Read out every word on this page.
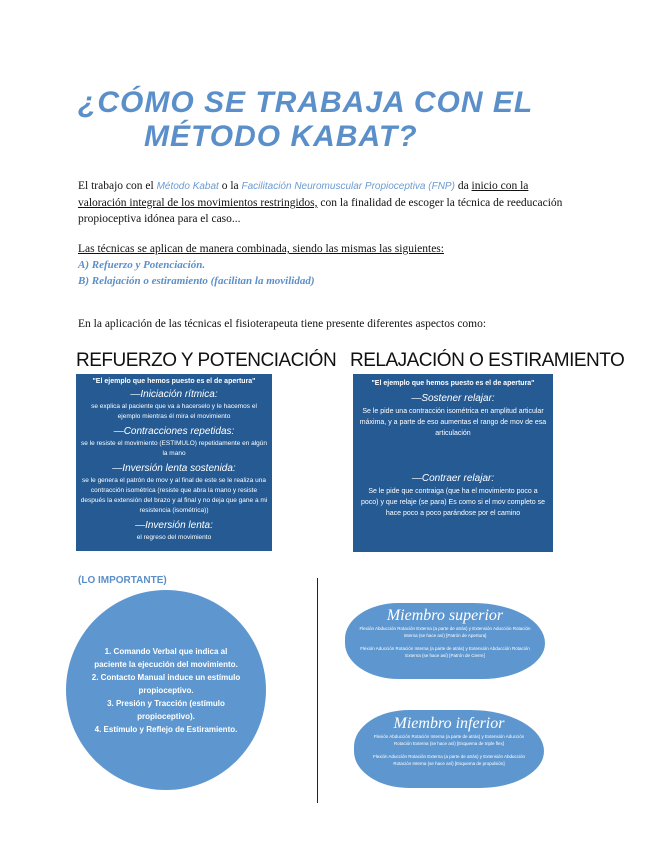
¿CÓMO SE TRABAJA CON EL
MÉTODO KABAT?
El trabajo con el Método Kabat o la Facilitación Neuromuscular Propioceptiva (FNP) da inicio con la valoración integral de los movimientos restringidos, con la finalidad de escoger la técnica de reeducación propioceptiva idónea para el caso...
Las técnicas se aplican de manera combinada, siendo las mismas las siguientes:
A) Refuerzo y Potenciación.
B) Relajación o estiramiento (facilitan la movilidad)
En la aplicación de las técnicas el fisioterapeuta tiene presente diferentes aspectos como:
REFUERZO Y POTENCIACIÓN
"El ejemplo que hemos puesto es el de apertura"
— Iniciación rítmica:
se explica al paciente que va a hacerselo y le hacemos el ejemplo mientras él mira el movimiento
— Contracciones repetidas:
se le resiste el movimiento (ESTIMULO) repetidamente en algún la mano
— Inversión lenta sostenida:
se le genera el patrón de mov y al final de este se le realiza una contracción isométrica (resiste que abra la mano y resiste después la extensión del brazo y al final y no deja que gane a mi resistencia (isométrica))
— Inversión lenta:
el regreso del movimiento
RELAJACIÓN O ESTIRAMIENTO
"El ejemplo que hemos puesto es el de apertura"
— Sostener relajar:
Se le pide una contracción isométrica en amplitud articular máxima, y a parte de eso aumentas el rango de mov de esa articulación
— Contraer relajar:
Se le pide que contraiga (que ha el movimiento poco a poco) y que relaje (se para) Es como si el mov completo se hace poco a poco parándose por el camino
(LO IMPORTANTE)
1. Comando Verbal que indica al paciente la ejecución del movimiento.
2. Contacto Manual induce un estímulo propioceptivo.
3. Presión y Tracción (estímulo propioceptivo).
4. Estímulo y Reflejo de Estiramiento.
Miembro superior
Flexión Abducción Rotación Externa (a parte de atrás) y Extensión Aducción Rotación Interna (se hace así) [Patrón de Apertura]
Flexión Aducción Rotación Interna (a parte de atrás) y Extensión Abducción Rotación Externa (se hace así) [Patrón de Cierre]
Miembro inferior
Flexión Abducción Rotación Interna (a parte de atrás) y Extensión Aducción Rotación Externa (se hace así) [Esquema de triple flex]
Flexión Aducción Rotación Externa (a parte de atrás) y Extensión Abducción Rotación Interna (se hace así) [Esquema de propulsión]
